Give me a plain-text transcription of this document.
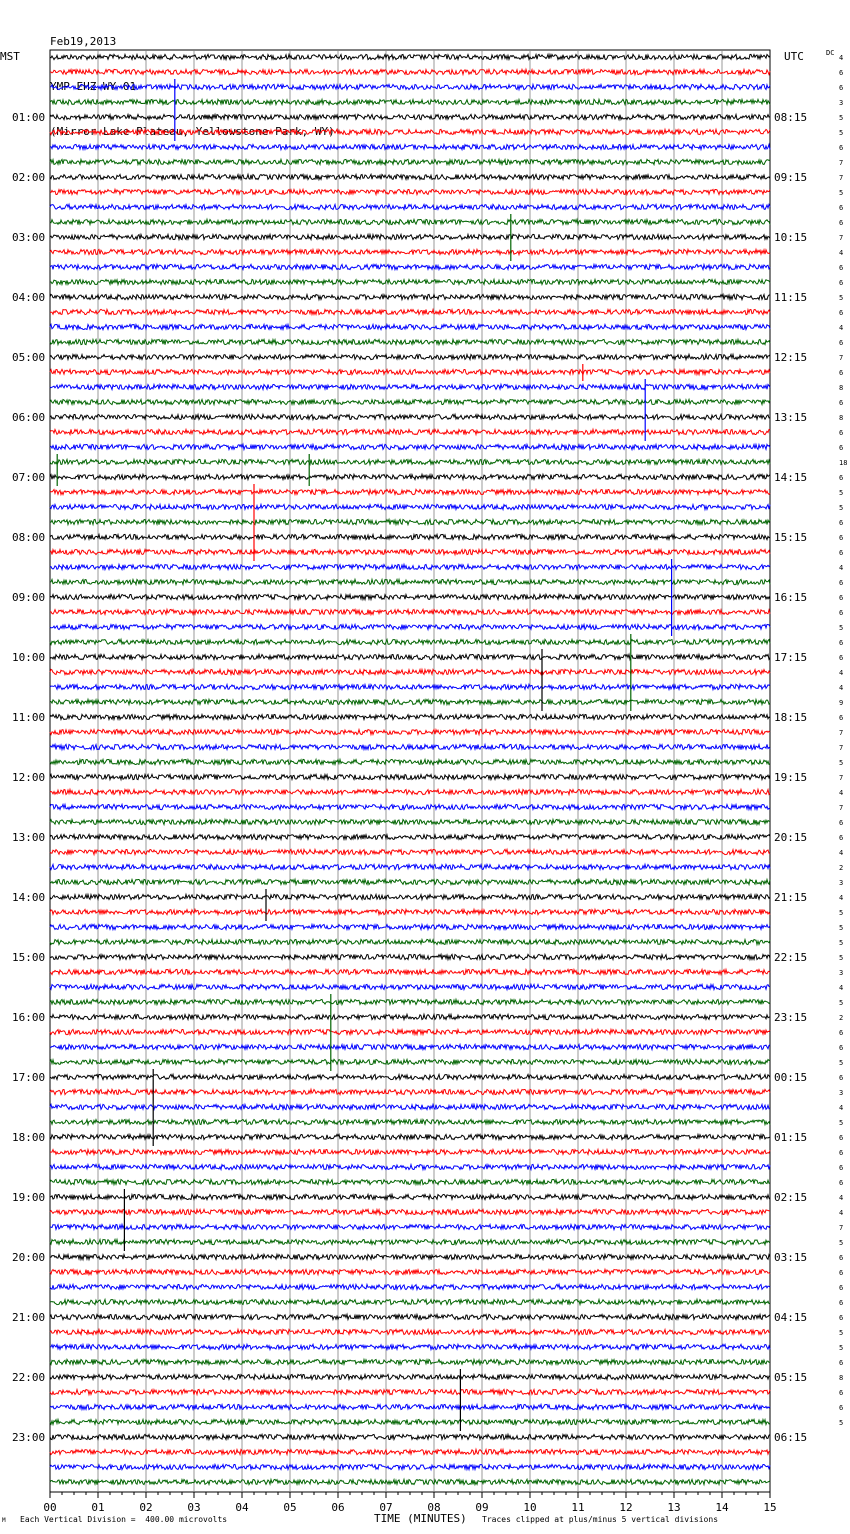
Feb19,2013

YMP EHZ WY 01

(Mirror Lake Plateau, Yellowstone Park, WY)

MST	UTC	DC
01:00
02:00
03:00
04:00
05:00
06:00
07:00
08:00
09:00
10:00
11:00
12:00
13:00
14:00
15:00
16:00
17:00
18:00
19:00
20:00
21:00
22:00
23:00
08:15
09:15
10:15
11:15
12:15
13:15
14:15
15:15
16:15
17:15
18:15
19:15
20:15
21:15
22:15
23:15
00:15
01:15
02:15
03:15
04:15
05:15
06:15
4
6
6
3
5
5
6
7
7
5
6
6
7
4
6
6
5
6
4
6
7
6
8
6
8
6
6
18
6
5
5
6
6
6
4
6
6
6
5
6
6
4
4
9
6
7
7
5
7
4
7
6
6
4
2
3
4
5
5
5
5
3
4
5
2
6
6
5
6
3
4
5
6
6
6
6
4
4
7
5
6
6
6
6
6
5
5
6
8
6
6
5
00	01	02	03	04	05	06	07	08	09	10	11	12	13	14	15
M Each Vertical Division =  400.00 microvolts	TIME (MINUTES) Traces clipped at plus/minus 5 vertical divisions
